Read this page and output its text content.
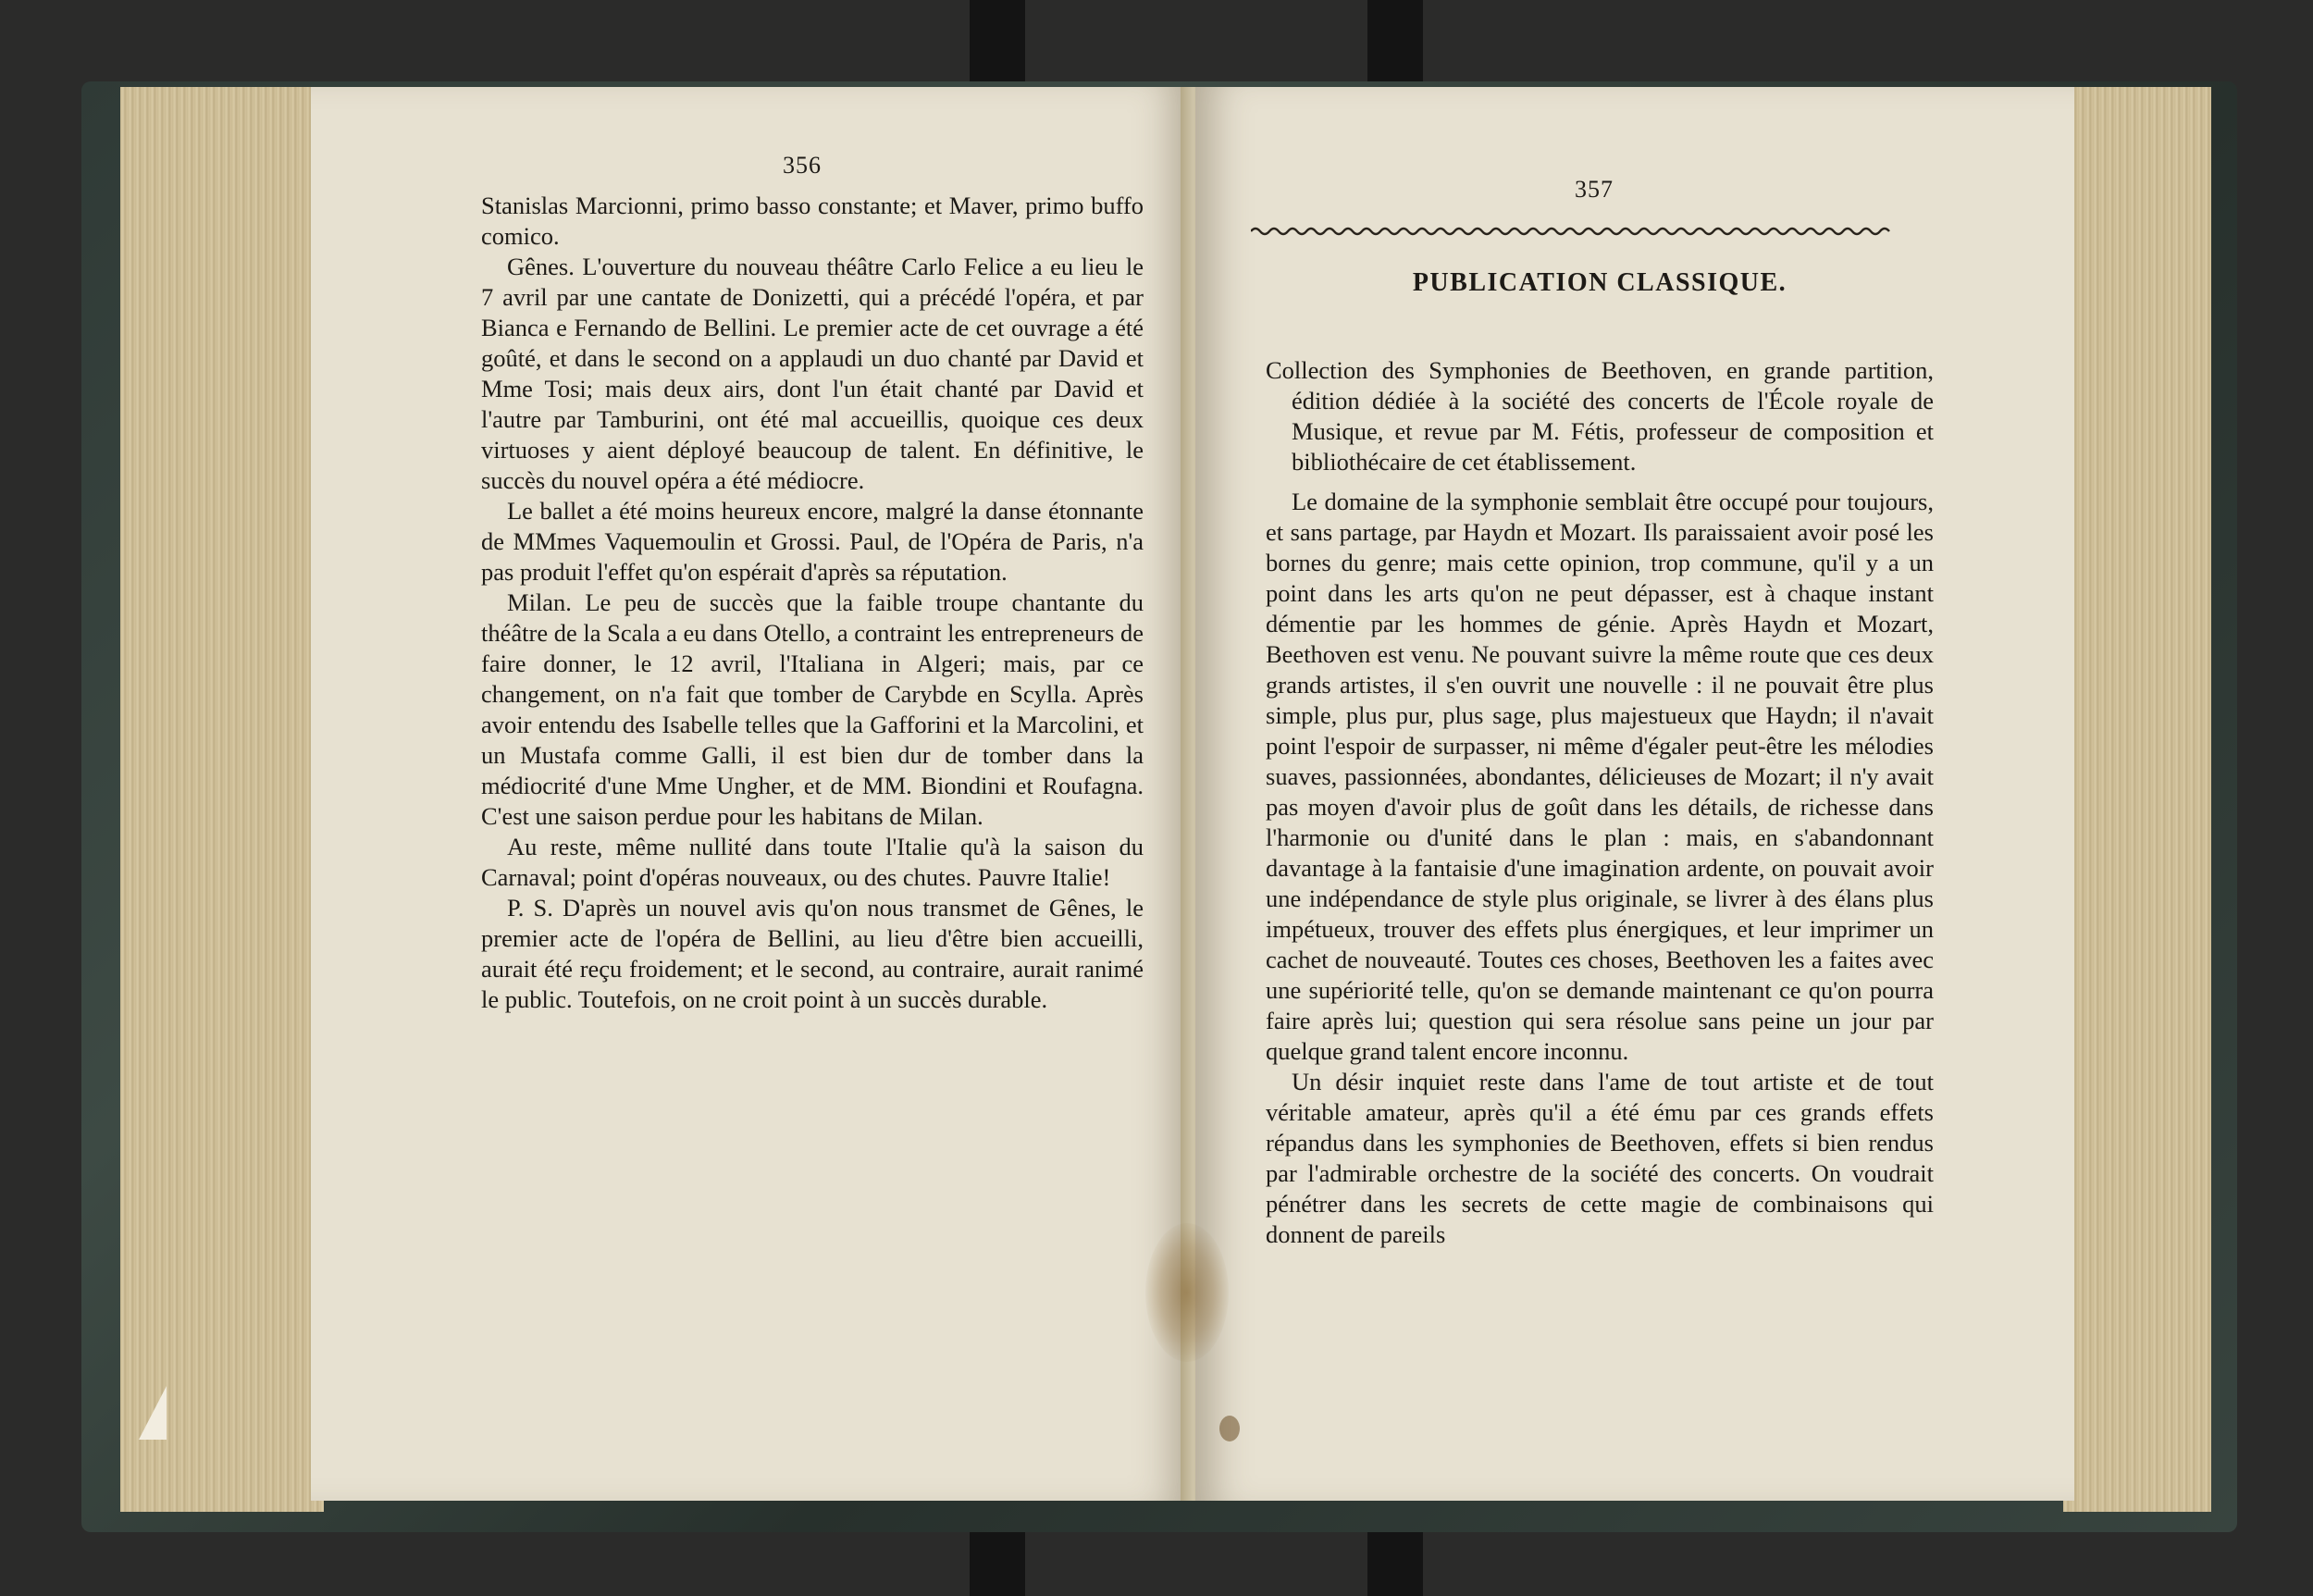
356

Stanislas Marcionni, primo basso constante; et Maver, primo buffo comico.

Gênes. L'ouverture du nouveau théâtre Carlo Felice a eu lieu le 7 avril par une cantate de Donizetti, qui a précédé l'opéra, et par Bianca e Fernando de Bellini. Le premier acte de cet ouvrage a été goûté, et dans le second on a applaudi un duo chanté par David et Mme Tosi; mais deux airs, dont l'un était chanté par David et l'autre par Tamburini, ont été mal accueillis, quoique ces deux virtuoses y aient déployé beaucoup de talent. En définitive, le succès du nouvel opéra a été médiocre.

Le ballet a été moins heureux encore, malgré la danse étonnante de MMmes Vaquemoulin et Grossi. Paul, de l'Opéra de Paris, n'a pas produit l'effet qu'on espérait d'après sa réputation.

Milan. Le peu de succès que la faible troupe chantante du théâtre de la Scala a eu dans Otello, a contraint les entrepreneurs de faire donner, le 12 avril, l'Italiana in Algeri; mais, par ce changement, on n'a fait que tomber de Carybde en Scylla. Après avoir entendu des Isabelle telles que la Gafforini et la Marcolini, et un Mustafa comme Galli, il est bien dur de tomber dans la médiocrité d'une Mme Ungher, et de MM. Biondini et Roufagna. C'est une saison perdue pour les habitans de Milan.

Au reste, même nullité dans toute l'Italie qu'à la saison du Carnaval; point d'opéras nouveaux, ou des chutes. Pauvre Italie!

P. S. D'après un nouvel avis qu'on nous transmet de Gênes, le premier acte de l'opéra de Bellini, au lieu d'être bien accueilli, aurait été reçu froidement; et le second, au contraire, aurait ranimé le public. Toutefois, on ne croit point à un succès durable.

357
PUBLICATION CLASSIQUE.

Collection des Symphonies de Beethoven, en grande partition, édition dédiée à la société des concerts de l'École royale de Musique, et revue par M. Fétis, professeur de composition et bibliothécaire de cet établissement.

Le domaine de la symphonie semblait être occupé pour toujours, et sans partage, par Haydn et Mozart. Ils paraissaient avoir posé les bornes du genre; mais cette opinion, trop commune, qu'il y a un point dans les arts qu'on ne peut dépasser, est à chaque instant démentie par les hommes de génie. Après Haydn et Mozart, Beethoven est venu. Ne pouvant suivre la même route que ces deux grands artistes, il s'en ouvrit une nouvelle : il ne pouvait être plus simple, plus pur, plus sage, plus majestueux que Haydn; il n'avait point l'espoir de surpasser, ni même d'égaler peut-être les mélodies suaves, passionnées, abondantes, délicieuses de Mozart; il n'y avait pas moyen d'avoir plus de goût dans les détails, de richesse dans l'harmonie ou d'unité dans le plan : mais, en s'abandonnant davantage à la fantaisie d'une imagination ardente, on pouvait avoir une indépendance de style plus originale, se livrer à des élans plus impétueux, trouver des effets plus énergiques, et leur imprimer un cachet de nouveauté. Toutes ces choses, Beethoven les a faites avec une supériorité telle, qu'on se demande maintenant ce qu'on pourra faire après lui; question qui sera résolue sans peine un jour par quelque grand talent encore inconnu.

Un désir inquiet reste dans l'ame de tout artiste et de tout véritable amateur, après qu'il a été ému par ces grands effets répandus dans les symphonies de Beethoven, effets si bien rendus par l'admirable orchestre de la société des concerts. On voudrait pénétrer dans les secrets de cette magie de combinaisons qui donnent de pareils
